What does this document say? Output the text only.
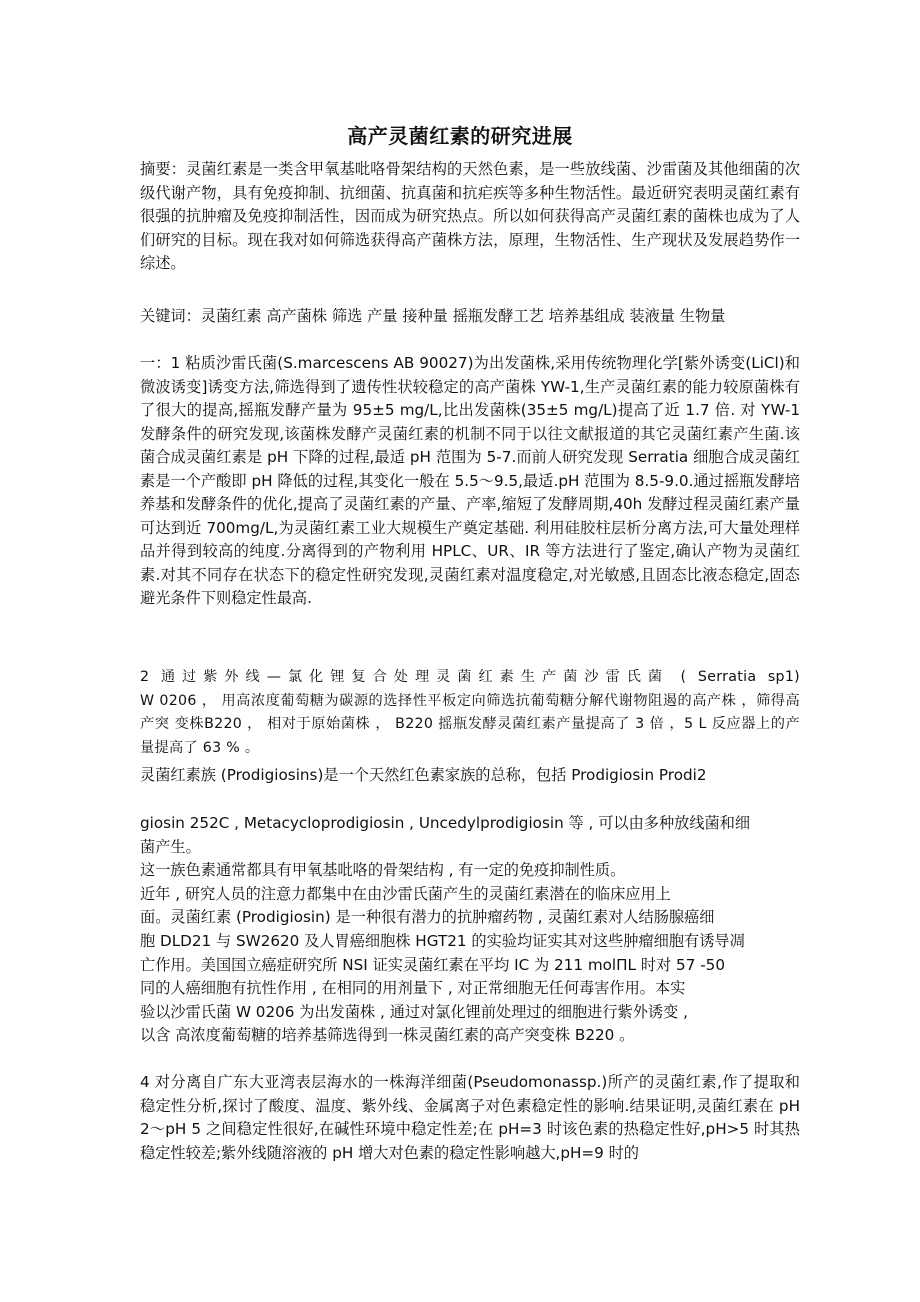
高产灵菌红素的研究进展
摘要：灵菌红素是一类含甲氧基吡咯骨架结构的天然色素，是一些放线菌、沙雷菌及其他细菌的次级代谢产物，具有免疫抑制、抗细菌、抗真菌和抗疟疾等多种生物活性。最近研究表明灵菌红素有很强的抗肿瘤及免疫抑制活性，因而成为研究热点。所以如何获得高产灵菌红素的菌株也成为了人们研究的目标。现在我对如何筛选获得高产菌株方法，原理，生物活性、生产现状及发展趋势作一综述。
关键词：灵菌红素 高产菌株 筛选 产量 接种量 摇瓶发酵工艺 培养基组成 装液量 生物量
一：1 粘质沙雷氏菌(S.marcescens AB 90027)为出发菌株,采用传统物理化学[紫外诱变(LiCl)和微波诱变]诱变方法,筛选得到了遗传性状较稳定的高产菌株 YW-1,生产灵菌红素的能力较原菌株有了很大的提高,摇瓶发酵产量为 95±5 mg/L,比出发菌株(35±5 mg/L)提高了近 1.7 倍. 对 YW-1 发酵条件的研究发现,该菌株发酵产灵菌红素的机制不同于以往文献报道的其它灵菌红素产生菌.该菌合成灵菌红素是 pH 下降的过程,最适 pH 范围为 5-7.而前人研究发现 Serratia 细胞合成灵菌红素是一个产酸即 pH 降低的过程,其变化一般在 5.5～9.5,最适.pH 范围为 8.5-9.0.通过摇瓶发酵培养基和发酵条件的优化,提高了灵菌红素的产量、产率,缩短了发酵周期,40h 发酵过程灵菌红素产量可达到近 700mg/L,为灵菌红素工业大规模生产奠定基础. 利用硅胶柱层析分离方法,可大量处理样品并得到较高的纯度.分离得到的产物利用 HPLC、UR、IR 等方法进行了鉴定,确认产物为灵菌红素.对其不同存在状态下的稳定性研究发现,灵菌红素对温度稳定,对光敏感,且固态比液态稳定,固态避光条件下则稳定性最高.
2 通过紫外线—氯化锂复合处理灵菌红素生产菌沙雷氏菌 ( Serratia sp1)
W 0206 ， 用高浓度葡萄糖为碳源的选择性平板定向筛选抗葡萄糖分解代谢物阻遏的高产株 ，筛得高产突 变株B220 ， 相对于原始菌株 ， B220 摇瓶发酵灵菌红素产量提高了 3 倍 ，5 L 反应器上的产量提高了 63 % 。
灵菌红素族 (Prodigiosins)是一个天然红色素家族的总称，包括 Prodigiosin Prodi2
giosin 252C , Metacycloprodigiosin , Uncedylprodigiosin 等 , 可以由多种放线菌和细
菌产生。
这一族色素通常都具有甲氧基吡咯的骨架结构 , 有一定的免疫抑制性质。
近年 , 研究人员的注意力都集中在由沙雷氏菌产生的灵菌红素潜在的临床应用上
面。灵菌红素 (Prodigiosin) 是一种很有潜力的抗肿瘤药物 , 灵菌红素对人结肠腺癌细
胞 DLD21 与 SW2620 及人胃癌细胞株 HGT21 的实验均证实其对这些肿瘤细胞有诱导凋
亡作用。美国国立癌症研究所 NSI 证实灵菌红素在平均 IC 为 211 molΠL 时对 57 -50
同的人癌细胞有抗性作用 , 在相同的用剂量下 , 对正常细胞无任何毒害作用。本实
验以沙雷氏菌 W 0206 为出发菌株 , 通过对氯化锂前处理过的细胞进行紫外诱变 ,
以含 高浓度葡萄糖的培养基筛选得到一株灵菌红素的高产突变株 B220 。
4 对分离自广东大亚湾表层海水的一株海洋细菌(Pseudomonassp.)所产的灵菌红素,作了提取和稳定性分析,探讨了酸度、温度、紫外线、金属离子对色素稳定性的影响.结果证明,灵菌红素在 pH 2～pH 5 之间稳定性很好,在碱性环境中稳定性差;在 pH=3 时该色素的热稳定性好,pH>5 时其热稳定性较差;紫外线随溶液的 pH 增大对色素的稳定性影响越大,pH=9 时的
